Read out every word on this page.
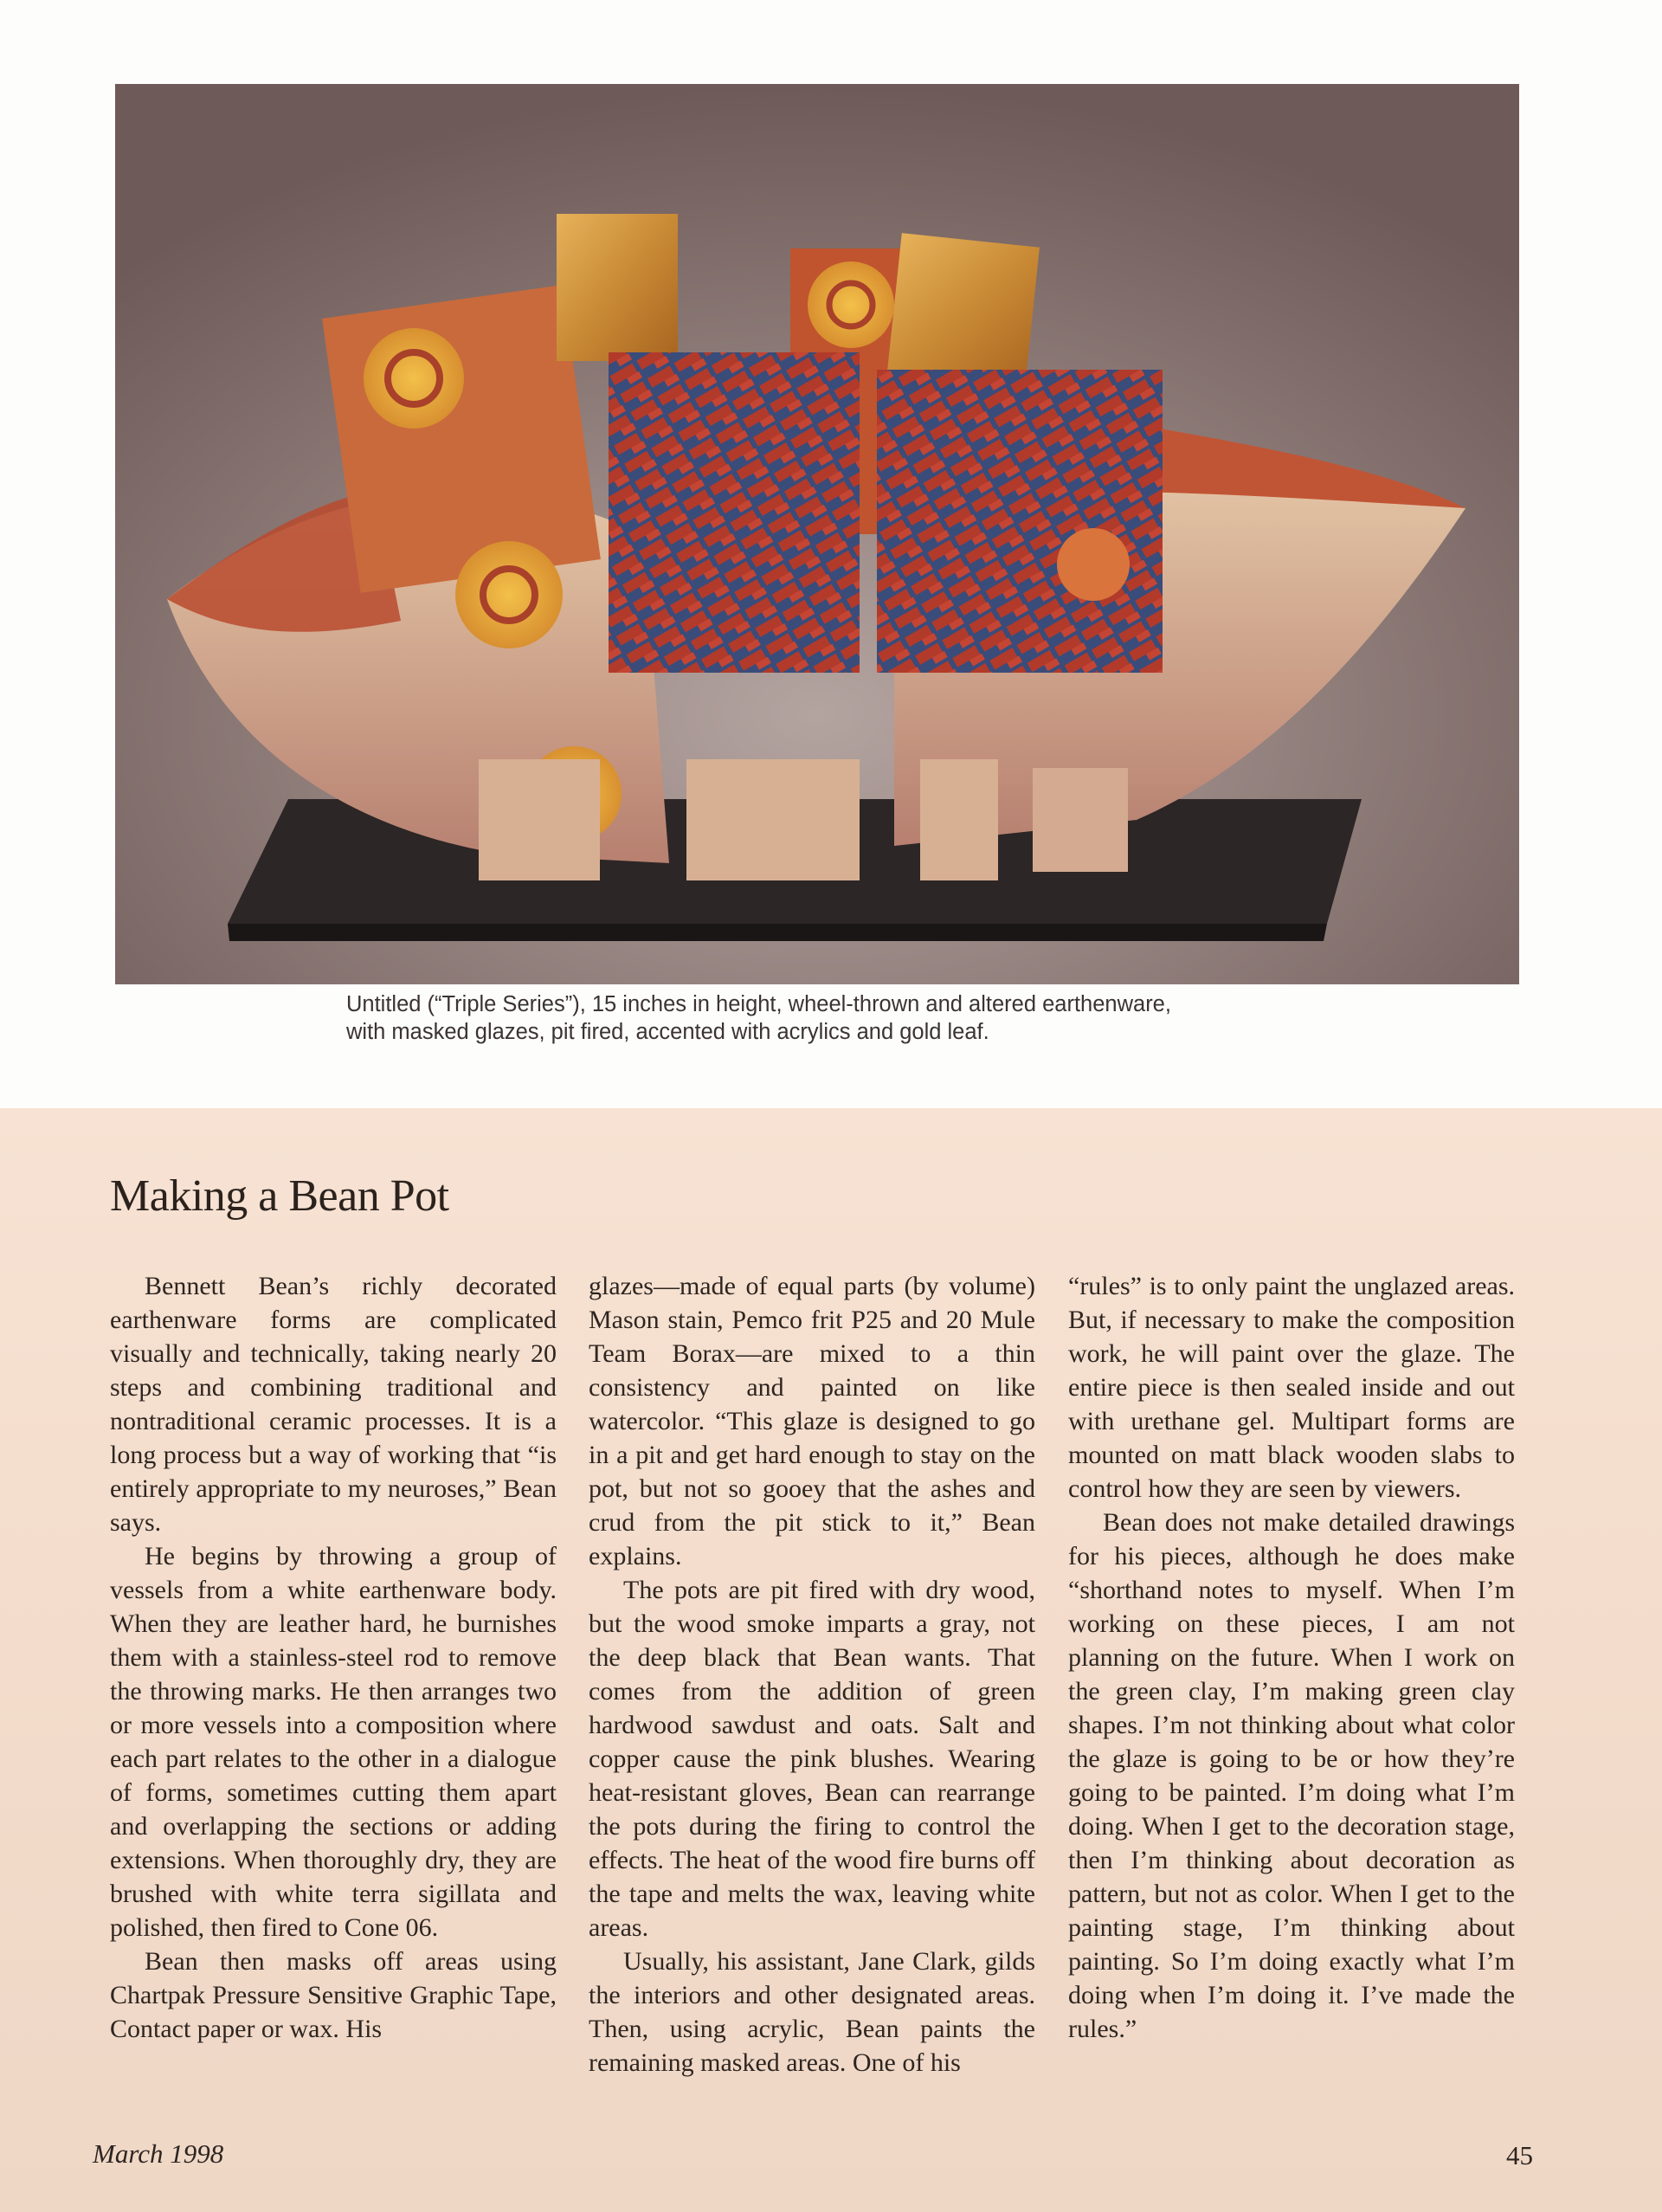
Untitled (“Triple Series”), 15 inches in height, wheel-thrown and altered earthenware,
with masked glazes, pit fired, accented with acrylics and gold leaf.
Making a Bean Pot

Bennett Bean’s richly decorated earthenware forms are complicated visually and technically, taking nearly 20 steps and combining traditional and nontraditional ceramic processes. It is a long process but a way of working that “is entirely appropriate to my neuroses,” Bean says.

He begins by throwing a group of vessels from a white earthenware body. When they are leather hard, he burnishes them with a stainless-steel rod to remove the throwing marks. He then arranges two or more vessels into a composition where each part relates to the other in a dialogue of forms, sometimes cutting them apart and overlapping the sections or adding extensions. When thoroughly dry, they are brushed with white terra sigillata and polished, then fired to Cone 06.

Bean then masks off areas using Chartpak Pressure Sensitive Graphic Tape, Contact paper or wax. His

glazes—made of equal parts (by volume) Mason stain, Pemco frit P25 and 20 Mule Team Borax—are mixed to a thin consistency and painted on like watercolor. “This glaze is designed to go in a pit and get hard enough to stay on the pot, but not so gooey that the ashes and crud from the pit stick to it,” Bean explains.

The pots are pit fired with dry wood, but the wood smoke imparts a gray, not the deep black that Bean wants. That comes from the addition of green hardwood sawdust and oats. Salt and copper cause the pink blushes. Wearing heat-resistant gloves, Bean can rearrange the pots during the firing to control the effects. The heat of the wood fire burns off the tape and melts the wax, leaving white areas.

Usually, his assistant, Jane Clark, gilds the interiors and other designated areas. Then, using acrylic, Bean paints the remaining masked areas. One of his

“rules” is to only paint the unglazed areas. But, if necessary to make the composition work, he will paint over the glaze. The entire piece is then sealed inside and out with urethane gel. Multipart forms are mounted on matt black wooden slabs to control how they are seen by viewers.

Bean does not make detailed drawings for his pieces, although he does make “shorthand notes to myself. When I’m working on these pieces, I am not planning on the future. When I work on the green clay, I’m making green clay shapes. I’m not thinking about what color the glaze is going to be or how they’re going to be painted. I’m doing what I’m doing. When I get to the decoration stage, then I’m thinking about decoration as pattern, but not as color. When I get to the painting stage, I’m thinking about painting. So I’m doing exactly what I’m doing when I’m doing it. I’ve made the rules.”

March 1998	45
